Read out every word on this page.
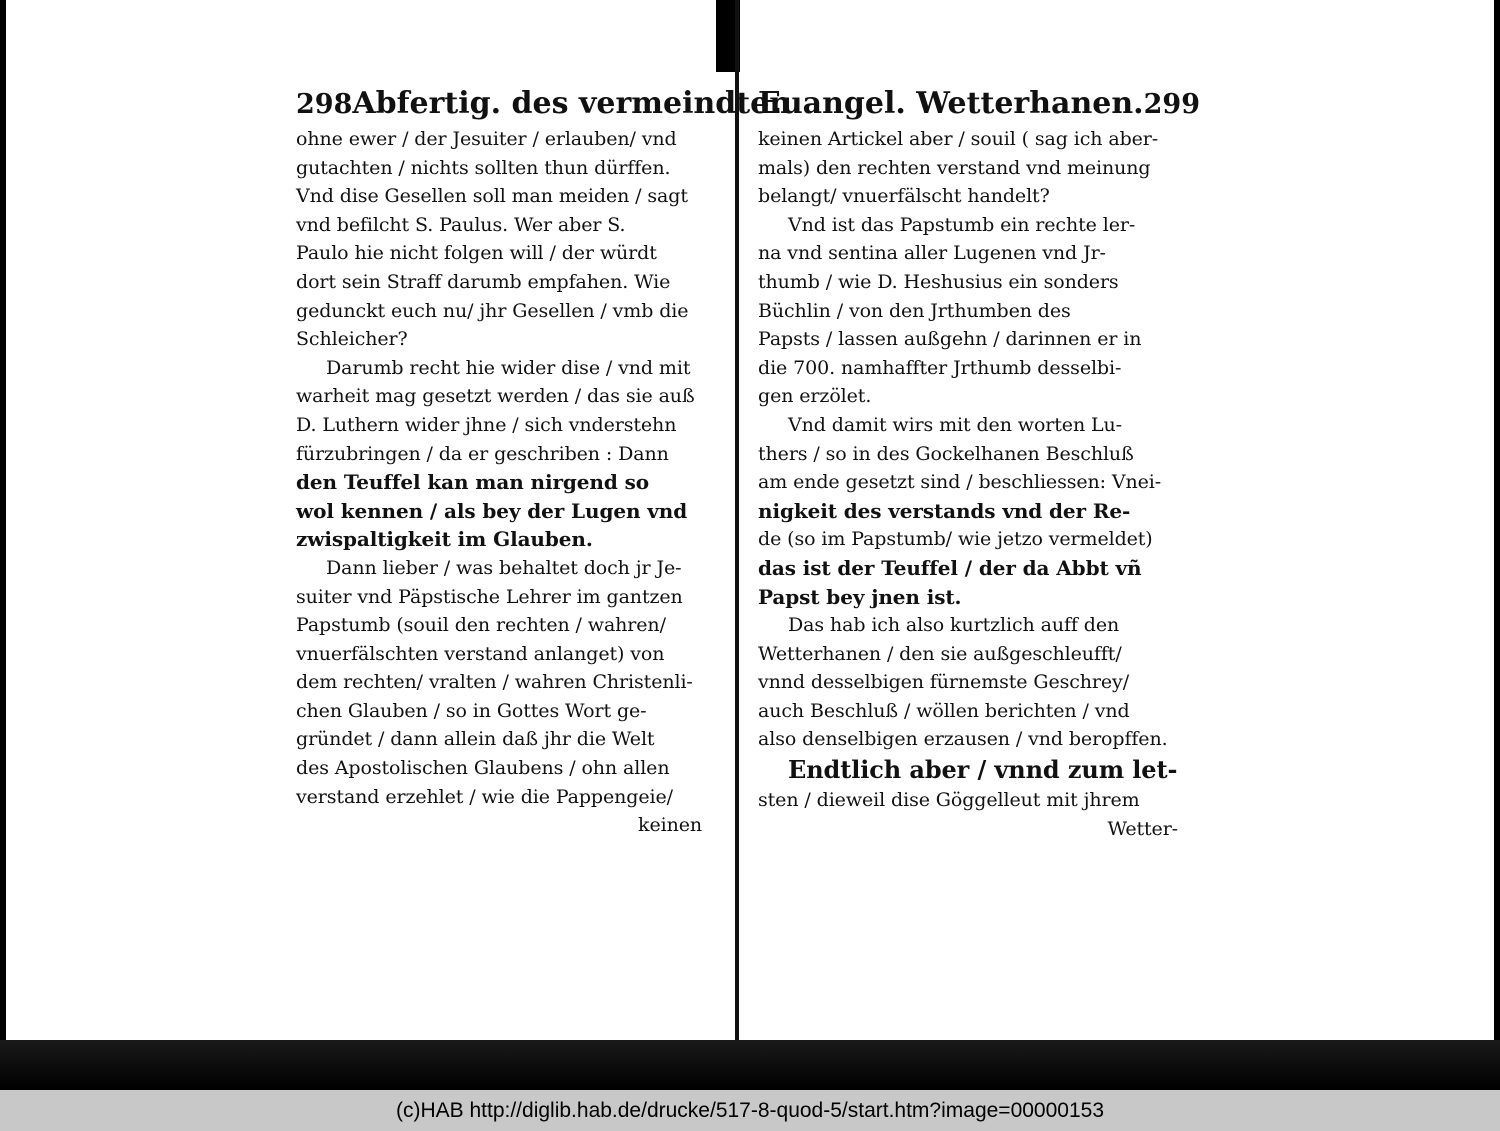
298 Abfertig. des vermeindten
ohne ewer / der Jesuiter / erlauben/ vnd
gutachten / nichts sollten thun dürffen.
Vnd dise Gesellen soll man meiden / sagt
vnd befilcht S. Paulus. Wer aber S.
Paulo hie nicht folgen will / der würdt
dort sein Straff darumb empfahen. Wie
gedunckt euch nu/ jhr Gesellen / vmb die
Schleicher?
Darumb recht hie wider dise / vnd mit
warheit mag gesetzt werden / das sie auß
D. Luthern wider jhne / sich vnderstehn
fürzubringen / da er geschriben : Dann
den Teuffel kan man nirgend so
wol kennen / als bey der Lugen vnd
zwispaltigkeit im Glauben.
Dann lieber / was behaltet doch jr Je-
suiter vnd Päpstische Lehrer im gantzen
Papstumb (souil den rechten / wahren/
vnuerfälschten verstand anlanget) von
dem rechten/ vralten / wahren Christenli-
chen Glauben / so in Gottes Wort ge-
gründet / dann allein daß jhr die Welt
des Apostolischen Glaubens / ohn allen
verstand erzehlet / wie die Pappengeie/
keinen
Euangel. Wetterhanen. 299
keinen Artickel aber / souil ( sag ich aber-
mals) den rechten verstand vnd meinung
belangt/ vnuerfälscht handelt?
Vnd ist das Papstumb ein rechte ler-
na vnd sentina aller Lugenen vnd Jr-
thumb / wie D. Heshusius ein sonders
Büchlin / von den Jrthumben des
Papsts / lassen außgehn / darinnen er in
die 700. namhaffter Jrthumb desselbi-
gen erzölet.
Vnd damit wirs mit den worten Lu-
thers / so in des Gockelhanen Beschluß
am ende gesetzt sind / beschliessen: Vnei-
nigkeit des verstands vnd der Re-
de (so im Papstumb/ wie jetzo vermeldet)
das ist der Teuffel / der da Abbt vñ
Papst bey jnen ist.
Das hab ich also kurtzlich auff den
Wetterhanen / den sie außgeschleufft/
vnnd desselbigen fürnemste Geschrey/
auch Beschluß / wöllen berichten / vnd
also denselbigen erzausen / vnd beropffen.
Endtlich aber / vnnd zum let-
sten / dieweil dise Göggelleut mit jhrem
Wetter-
(c)HAB http://diglib.hab.de/drucke/517-8-quod-5/start.htm?image=00000153
